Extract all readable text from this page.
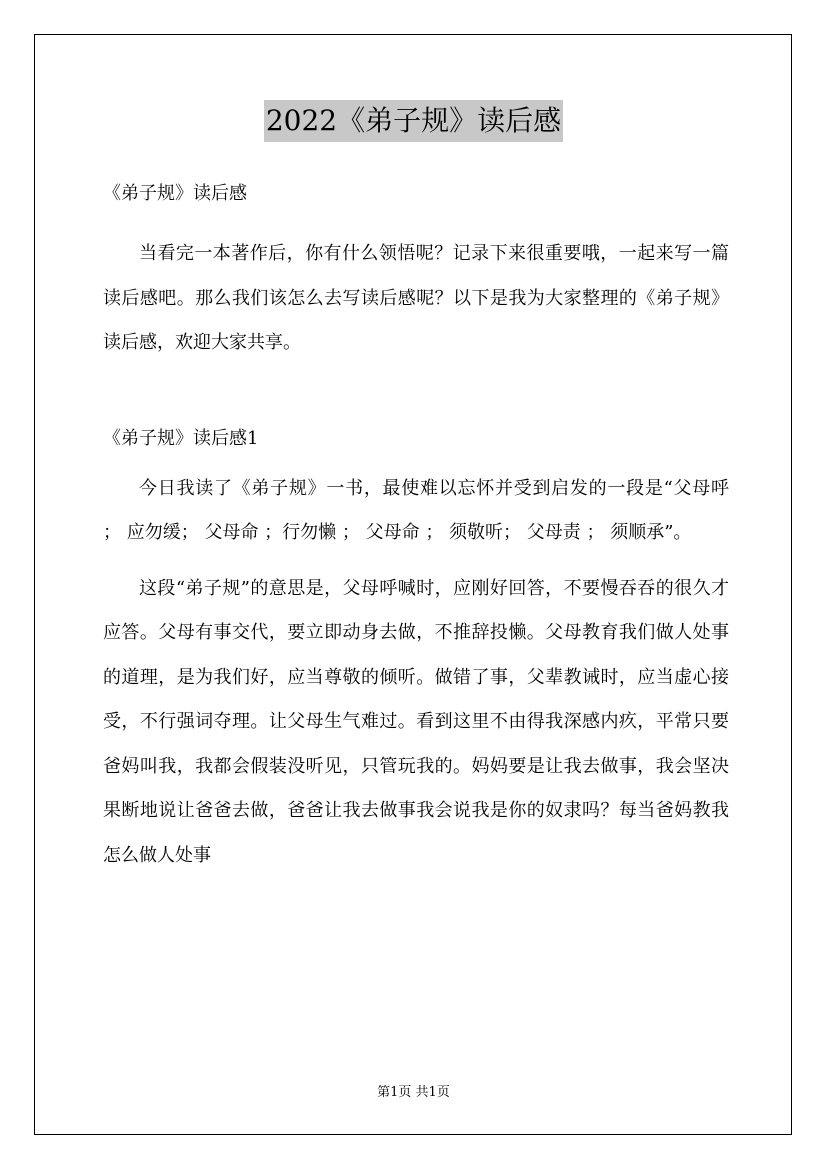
2022《弟子规》读后感

《弟子规》读后感

当看完一本著作后，你有什么领悟呢？记录下来很重要哦，一起来写一篇读后感吧。那么我们该怎么去写读后感呢？以下是我为大家整理的《弟子规》读后感，欢迎大家共享。

《弟子规》读后感1

今日我读了《弟子规》一书，最使难以忘怀并受到启发的一段是“父母呼 ； 应勿缓； 父母命 ；行勿懒 ； 父母命 ； 须敬听； 父母责 ； 须顺承”。

这段“弟子规”的意思是，父母呼喊时，应刚好回答，不要慢吞吞的很久才应答。父母有事交代，要立即动身去做，不推辞投懒。父母教育我们做人处事的道理，是为我们好，应当尊敬的倾听。做错了事，父辈教诫时，应当虚心接受，不行强词夺理。让父母生气难过。看到这里不由得我深感内疚，平常只要爸妈叫我，我都会假装没听见，只管玩我的。妈妈要是让我去做事，我会坚决果断地说让爸爸去做，爸爸让我去做事我会说我是你的奴隶吗？每当爸妈教我怎么做人处事

第1页 共1页
